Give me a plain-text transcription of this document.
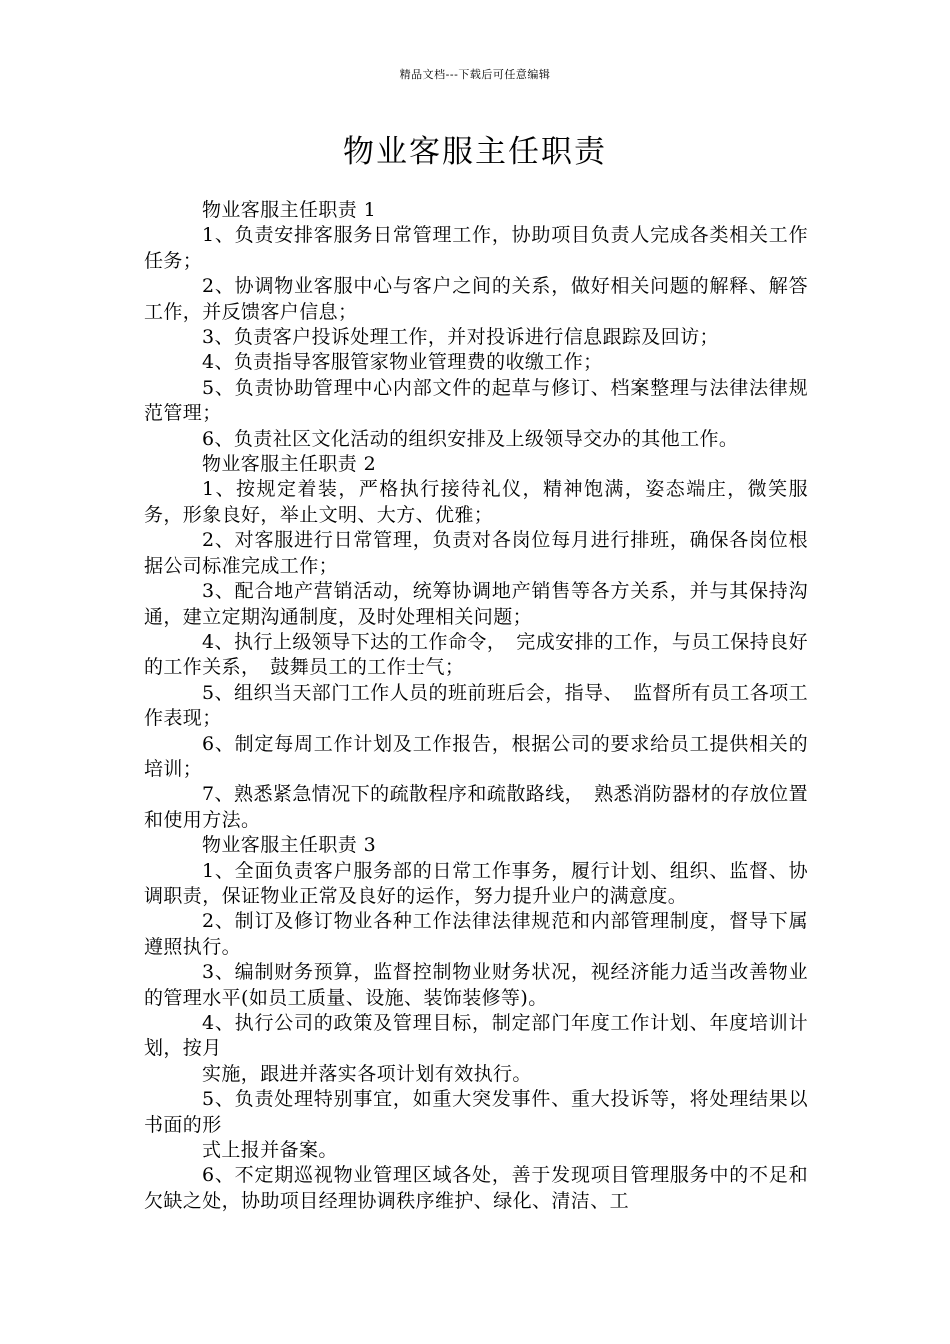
精品文档---下载后可任意编辑
物业客服主任职责

物业客服主任职责 1

1、负责安排客服务日常管理工作，协助项目负责人完成各类相关工作任务；

2、协调物业客服中心与客户之间的关系，做好相关问题的解释、解答工作，并反馈客户信息；

3、负责客户投诉处理工作，并对投诉进行信息跟踪及回访；

4、负责指导客服管家物业管理费的收缴工作；

5、负责协助管理中心内部文件的起草与修订、档案整理与法律法律规范管理；

6、负责社区文化活动的组织安排及上级领导交办的其他工作。

物业客服主任职责 2

1、按规定着装，严格执行接待礼仪，精神饱满，姿态端庄，微笑服务，形象良好，举止文明、大方、优雅；

2、对客服进行日常管理，负责对各岗位每月进行排班，确保各岗位根据公司标准完成工作；

3、配合地产营销活动，统筹协调地产销售等各方关系，并与其保持沟通，建立定期沟通制度，及时处理相关问题；

4、执行上级领导下达的工作命令，　完成安排的工作，与员工保持良好的工作关系，　鼓舞员工的工作士气；

5、组织当天部门工作人员的班前班后会，指导、　监督所有员工各项工作表现；

6、制定每周工作计划及工作报告，根据公司的要求给员工提供相关的培训；

7、熟悉紧急情况下的疏散程序和疏散路线，　熟悉消防器材的存放位置和使用方法。

物业客服主任职责 3

1、全面负责客户服务部的日常工作事务，履行计划、组织、监督、协调职责，保证物业正常及良好的运作，努力提升业户的满意度。

2、制订及修订物业各种工作法律法律规范和内部管理制度，督导下属遵照执行。

3、编制财务预算，监督控制物业财务状况，视经济能力适当改善物业的管理水平(如员工质量、设施、装饰装修等)。

4、执行公司的政策及管理目标，制定部门年度工作计划、年度培训计划，按月

实施，跟进并落实各项计划有效执行。

5、负责处理特别事宜，如重大突发事件、重大投诉等，将处理结果以书面的形

式上报并备案。

6、不定期巡视物业管理区域各处，善于发现项目管理服务中的不足和欠缺之处，协助项目经理协调秩序维护、绿化、清洁、工
